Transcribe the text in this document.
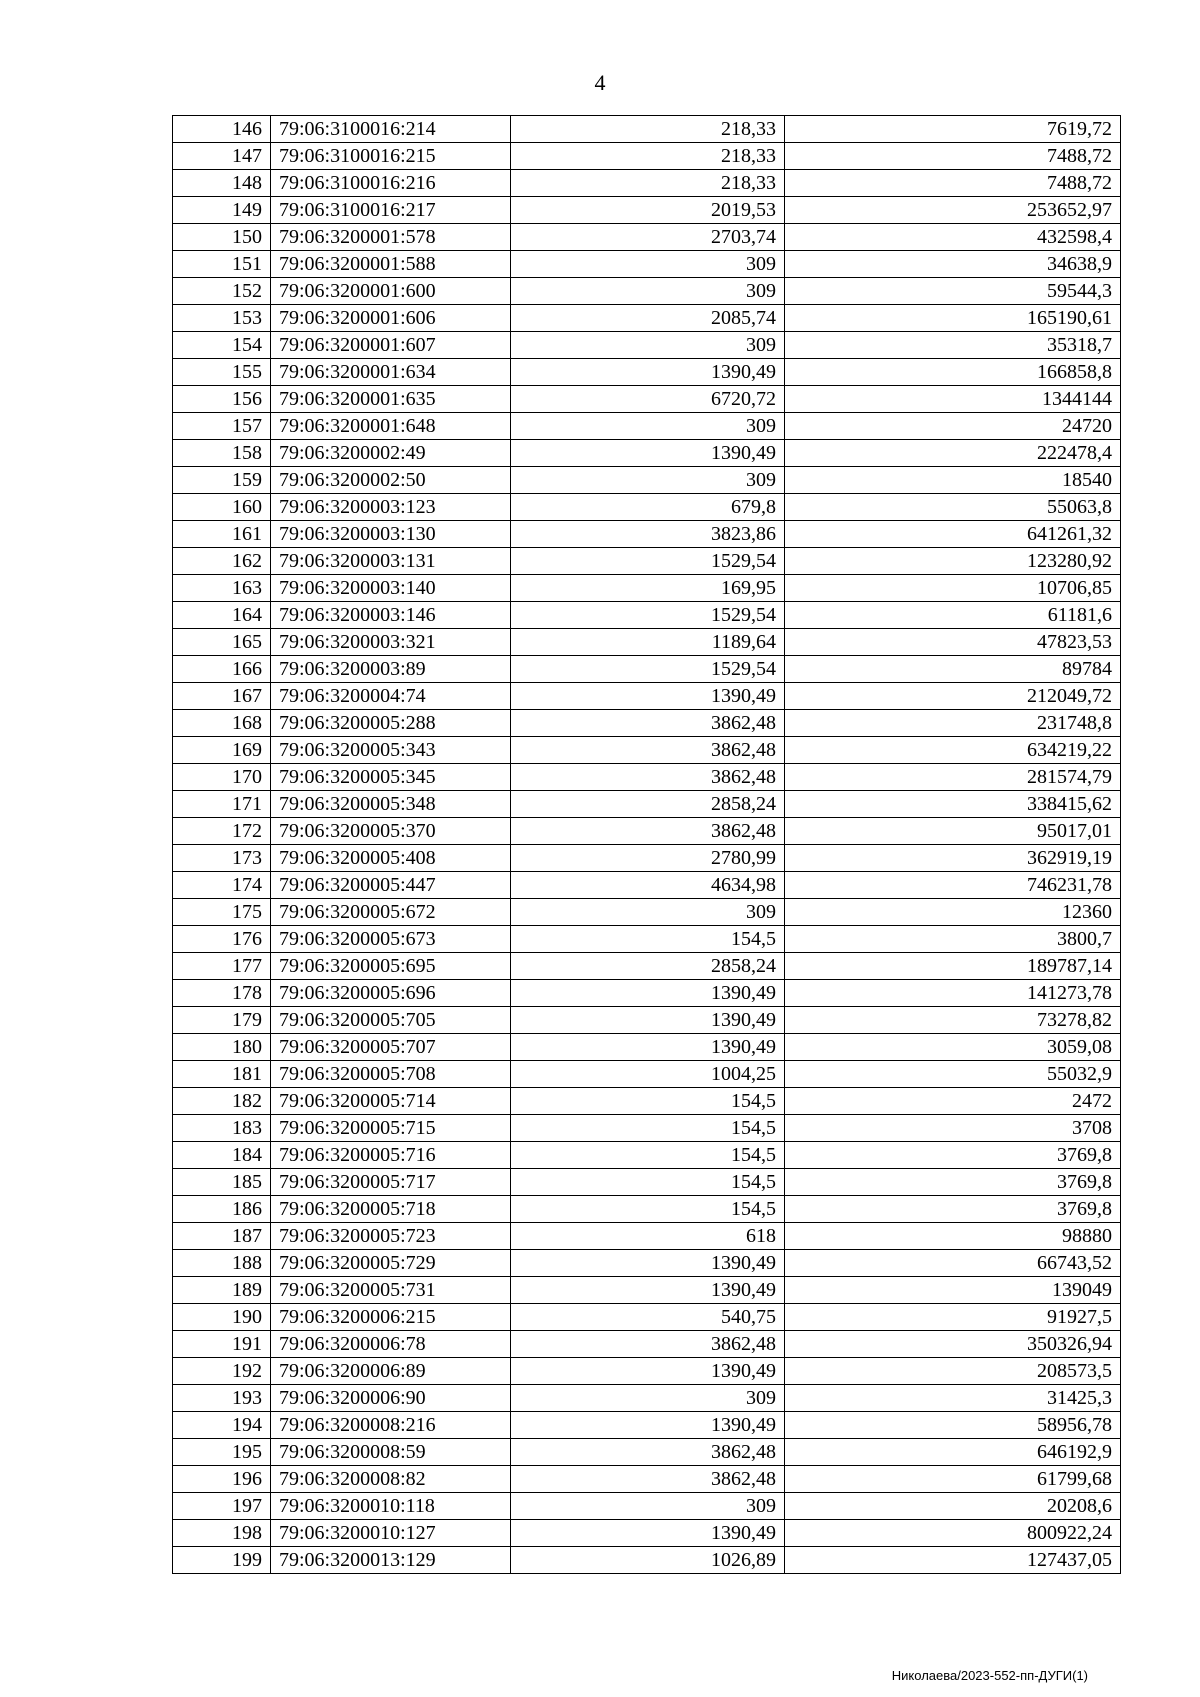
4
146	79:06:3100016:214	218,33	7619,72
147	79:06:3100016:215	218,33	7488,72
148	79:06:3100016:216	218,33	7488,72
149	79:06:3100016:217	2019,53	253652,97
150	79:06:3200001:578	2703,74	432598,4
151	79:06:3200001:588	309	34638,9
152	79:06:3200001:600	309	59544,3
153	79:06:3200001:606	2085,74	165190,61
154	79:06:3200001:607	309	35318,7
155	79:06:3200001:634	1390,49	166858,8
156	79:06:3200001:635	6720,72	1344144
157	79:06:3200001:648	309	24720
158	79:06:3200002:49	1390,49	222478,4
159	79:06:3200002:50	309	18540
160	79:06:3200003:123	679,8	55063,8
161	79:06:3200003:130	3823,86	641261,32
162	79:06:3200003:131	1529,54	123280,92
163	79:06:3200003:140	169,95	10706,85
164	79:06:3200003:146	1529,54	61181,6
165	79:06:3200003:321	1189,64	47823,53
166	79:06:3200003:89	1529,54	89784
167	79:06:3200004:74	1390,49	212049,72
168	79:06:3200005:288	3862,48	231748,8
169	79:06:3200005:343	3862,48	634219,22
170	79:06:3200005:345	3862,48	281574,79
171	79:06:3200005:348	2858,24	338415,62
172	79:06:3200005:370	3862,48	95017,01
173	79:06:3200005:408	2780,99	362919,19
174	79:06:3200005:447	4634,98	746231,78
175	79:06:3200005:672	309	12360
176	79:06:3200005:673	154,5	3800,7
177	79:06:3200005:695	2858,24	189787,14
178	79:06:3200005:696	1390,49	141273,78
179	79:06:3200005:705	1390,49	73278,82
180	79:06:3200005:707	1390,49	3059,08
181	79:06:3200005:708	1004,25	55032,9
182	79:06:3200005:714	154,5	2472
183	79:06:3200005:715	154,5	3708
184	79:06:3200005:716	154,5	3769,8
185	79:06:3200005:717	154,5	3769,8
186	79:06:3200005:718	154,5	3769,8
187	79:06:3200005:723	618	98880
188	79:06:3200005:729	1390,49	66743,52
189	79:06:3200005:731	1390,49	139049
190	79:06:3200006:215	540,75	91927,5
191	79:06:3200006:78	3862,48	350326,94
192	79:06:3200006:89	1390,49	208573,5
193	79:06:3200006:90	309	31425,3
194	79:06:3200008:216	1390,49	58956,78
195	79:06:3200008:59	3862,48	646192,9
196	79:06:3200008:82	3862,48	61799,68
197	79:06:3200010:118	309	20208,6
198	79:06:3200010:127	1390,49	800922,24
199	79:06:3200013:129	1026,89	127437,05
Николаева/2023-552-пп-ДУГИ(1)
